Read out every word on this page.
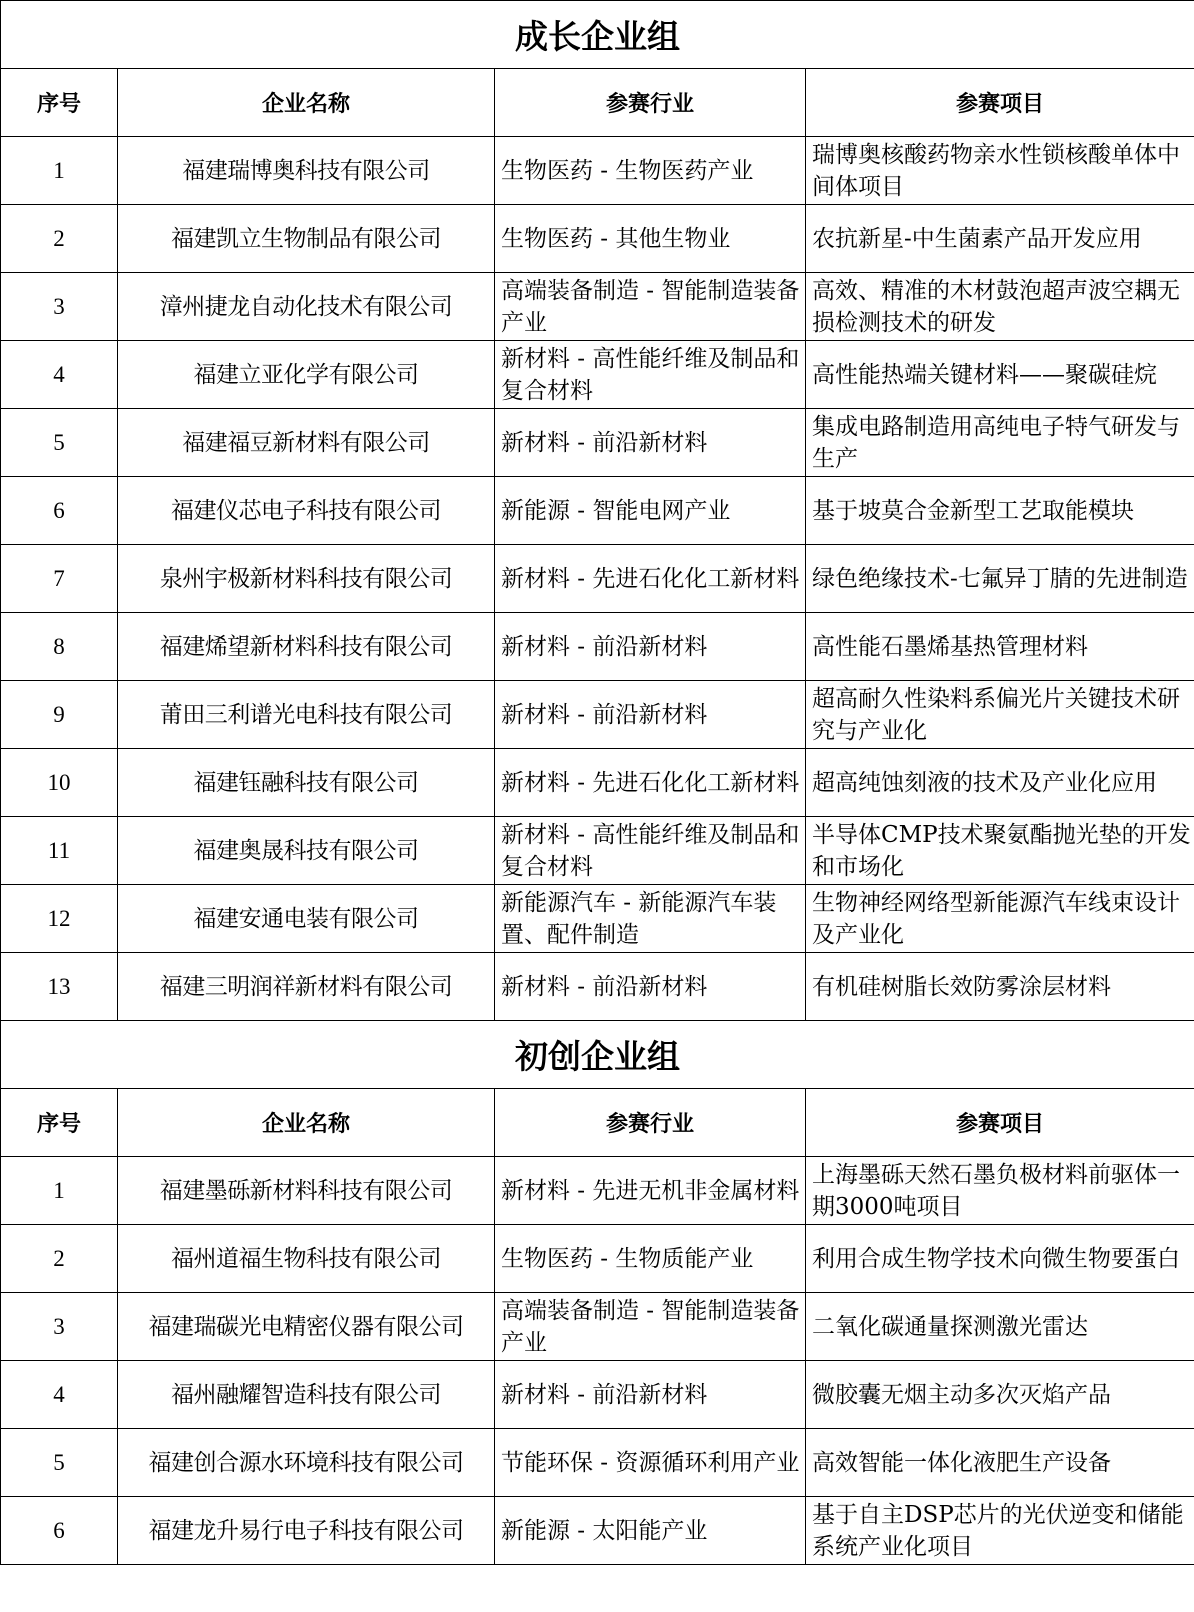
成长企业组			
序号	企业名称	参赛行业	参赛项目
1	福建瑞博奥科技有限公司	生物医药 - 生物医药产业	瑞博奥核酸药物亲水性锁核酸单体中间体项目
2	福建凯立生物制品有限公司	生物医药 - 其他生物业	农抗新星-中生菌素产品开发应用
3	漳州捷龙自动化技术有限公司	高端装备制造 - 智能制造装备产业	高效、精准的木材鼓泡超声波空耦无损检测技术的研发
4	福建立亚化学有限公司	新材料 - 高性能纤维及制品和复合材料	高性能热端关键材料——聚碳硅烷
5	福建福豆新材料有限公司	新材料 - 前沿新材料	集成电路制造用高纯电子特气研发与生产
6	福建仪芯电子科技有限公司	新能源 - 智能电网产业	基于坡莫合金新型工艺取能模块
7	泉州宇极新材料科技有限公司	新材料 - 先进石化化工新材料	绿色绝缘技术-七氟异丁腈的先进制造
8	福建烯望新材料科技有限公司	新材料 - 前沿新材料	高性能石墨烯基热管理材料
9	莆田三利谱光电科技有限公司	新材料 - 前沿新材料	超高耐久性染料系偏光片关键技术研究与产业化
10	福建钰融科技有限公司	新材料 - 先进石化化工新材料	超高纯蚀刻液的技术及产业化应用
11	福建奥晟科技有限公司	新材料 - 高性能纤维及制品和复合材料	半导体CMP技术聚氨酯抛光垫的开发和市场化
12	福建安通电装有限公司	新能源汽车 - 新能源汽车装置、配件制造	生物神经网络型新能源汽车线束设计及产业化
13	福建三明润祥新材料有限公司	新材料 - 前沿新材料	有机硅树脂长效防雾涂层材料
初创企业组			
序号	企业名称	参赛行业	参赛项目
1	福建墨砾新材料科技有限公司	新材料 - 先进无机非金属材料	上海墨砾天然石墨负极材料前驱体一期3000吨项目
2	福州道福生物科技有限公司	生物医药 - 生物质能产业	利用合成生物学技术向微生物要蛋白
3	福建瑞碳光电精密仪器有限公司	高端装备制造 - 智能制造装备产业	二氧化碳通量探测激光雷达
4	福州融耀智造科技有限公司	新材料 - 前沿新材料	微胶囊无烟主动多次灭焰产品
5	福建创合源水环境科技有限公司	节能环保 - 资源循环利用产业	高效智能一体化液肥生产设备
6	福建龙升易行电子科技有限公司	新能源 - 太阳能产业	基于自主DSP芯片的光伏逆变和储能系统产业化项目
